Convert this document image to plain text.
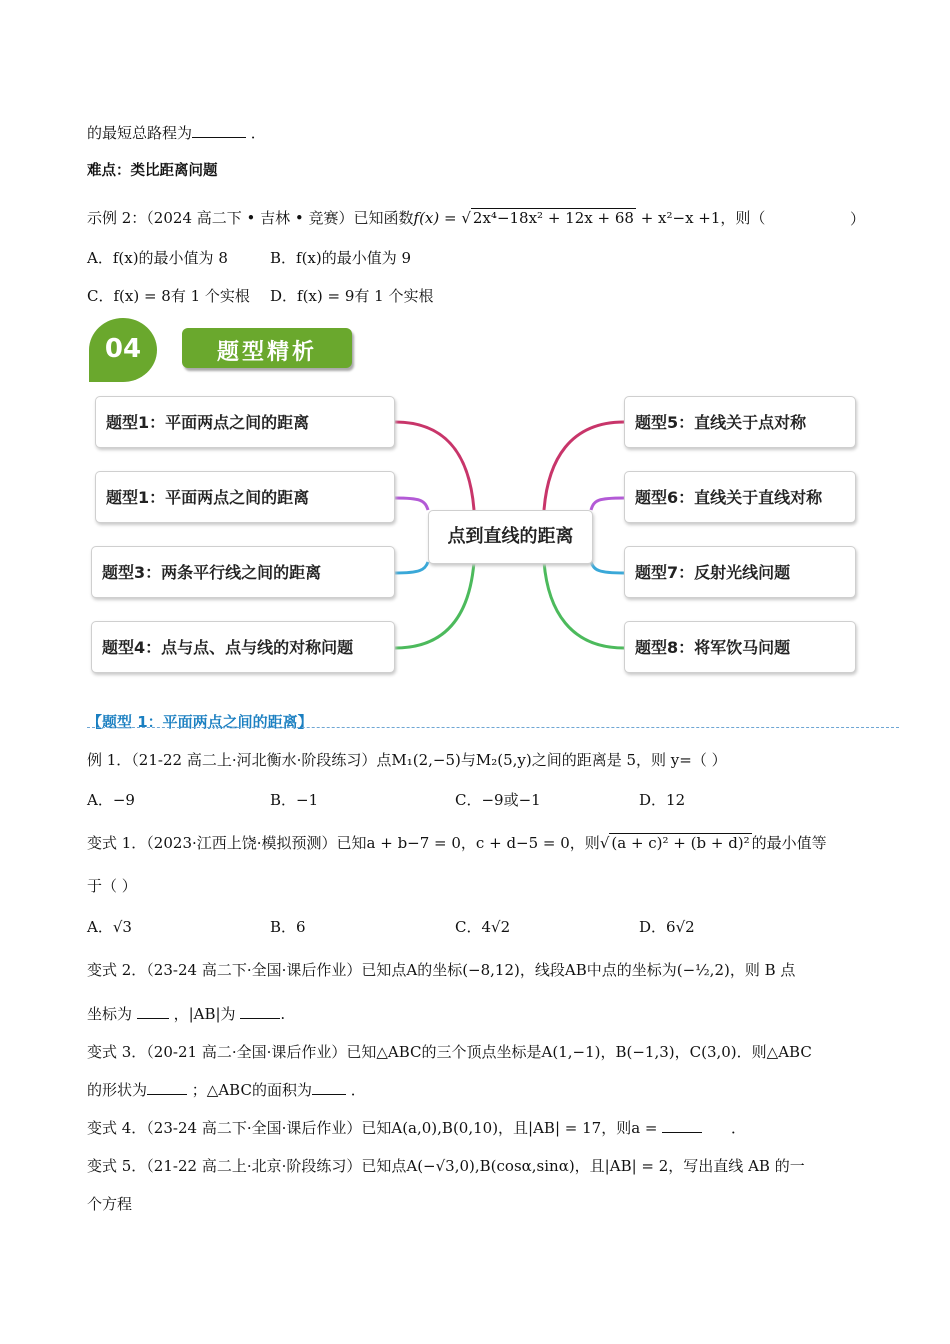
的最短总路程为	．
难点：类比距离问题
示例 2：（2024 高二下 • 吉林 • 竞赛）已知函数f(x) = √ 2x⁴−18x² + 12x + 68 + x²−x +1，则（	）
A．f(x)的最小值为 8	B．f(x)的最小值为 9
C．f(x) = 8有 1 个实根 D．f(x) = 9有 1 个实根
04	题型精析
题型1：平面两点之间的距离
题型1：平面两点之间的距离
题型3：两条平行线之间的距离
题型4：点与点、点与线的对称问题
点到直线的距离
题型5：直线关于点对称
题型6：直线关于直线对称
题型7：反射光线问题
题型8：将军饮马问题
【题型 1：平面两点之间的距离】
例 1．（21-22 高二上·河北衡水·阶段练习）点M₁(2,−5)与M₂(5,y)之间的距离是 5，则 y=（ ）
A．−9	B．−1	C．−9或−1	D．12
变式 1．（2023·江西上饶·模拟预测）已知a + b−7 = 0，c + d−5 = 0，则√ (a + c)² + (b + d)² 的最小值等
于（ ）
A．√3	B．6	C．4√2	D．6√2
变式 2．（23-24 高二下·全国·课后作业）已知点A的坐标(−8,12)，线段AB中点的坐标为(−½,2)，则 B 点
坐标为	，|AB|为	.
变式 3．（20-21 高二·全国·课后作业）已知△ABC的三个顶点坐标是A(1,−1)，B(−1,3)，C(3,0)．则△ABC
的形状为	；△ABC的面积为	．
变式 4．（23-24 高二下·全国·课后作业）已知A(a,0),B(0,10)，且|AB| = 17，则a =	．
变式 5．（21-22 高二上·北京·阶段练习）已知点A(−√3,0),B(cosα,sinα)，且|AB| = 2，写出直线 AB 的一
个方程
